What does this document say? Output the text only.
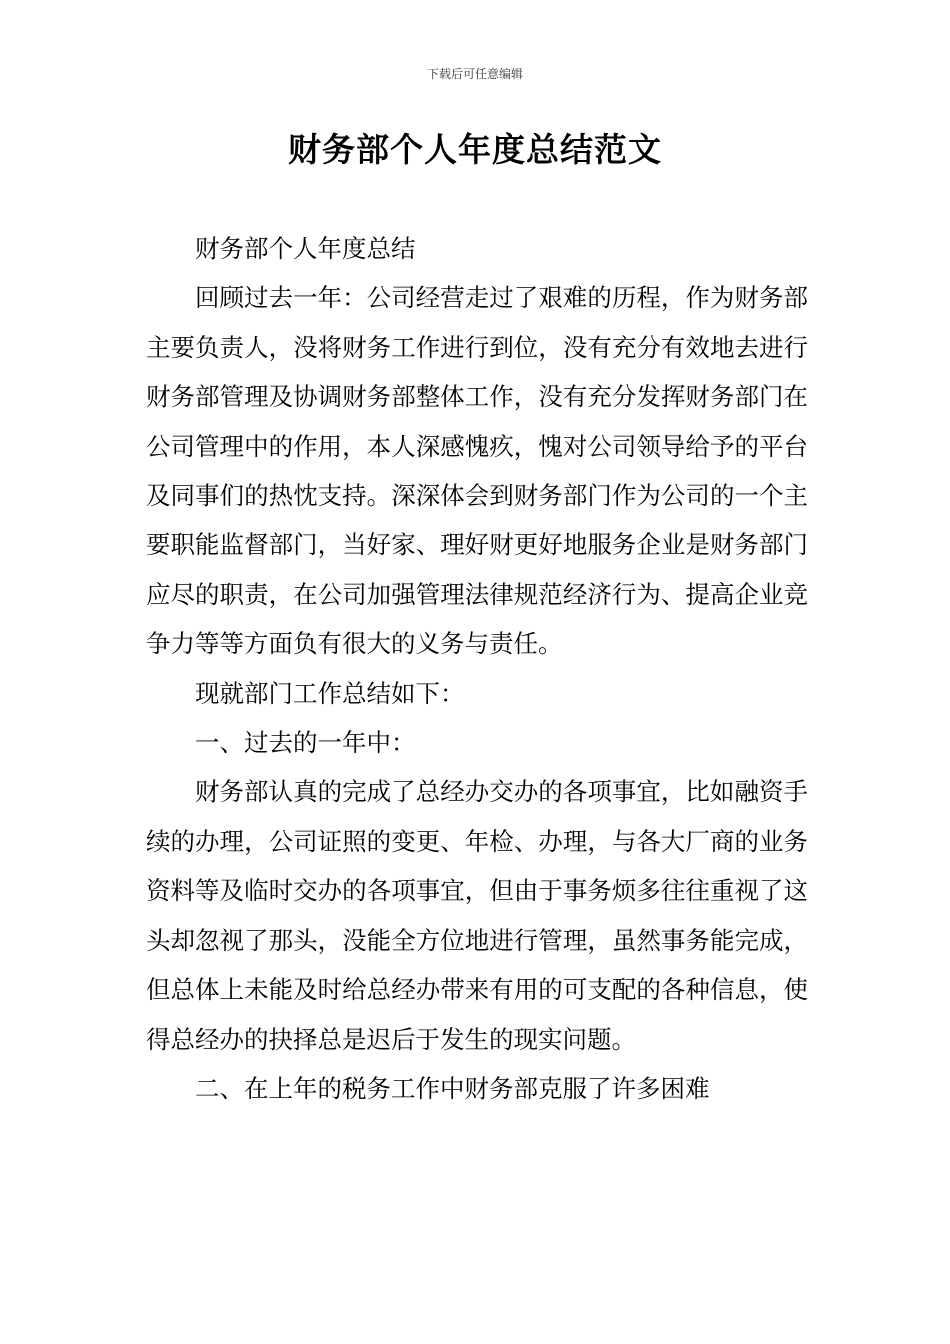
下载后可任意编辑
财务部个人年度总结范文

财务部个人年度总结

回顾过去一年：公司经营走过了艰难的历程，作为财务部主要负责人，没将财务工作进行到位，没有充分有效地去进行财务部管理及协调财务部整体工作，没有充分发挥财务部门在公司管理中的作用，本人深感愧疚，愧对公司领导给予的平台及同事们的热忱支持。深深体会到财务部门作为公司的一个主要职能监督部门，当好家、理好财更好地服务企业是财务部门应尽的职责，在公司加强管理法律规范经济行为、提高企业竞争力等等方面负有很大的义务与责任。

现就部门工作总结如下：

一、过去的一年中：

财务部认真的完成了总经办交办的各项事宜，比如融资手续的办理，公司证照的变更、年检、办理，与各大厂商的业务资料等及临时交办的各项事宜，但由于事务烦多往往重视了这头却忽视了那头，没能全方位地进行管理，虽然事务能完成，但总体上未能及时给总经办带来有用的可支配的各种信息，使得总经办的抉择总是迟后于发生的现实问题。

二、在上年的税务工作中财务部克服了许多困难
